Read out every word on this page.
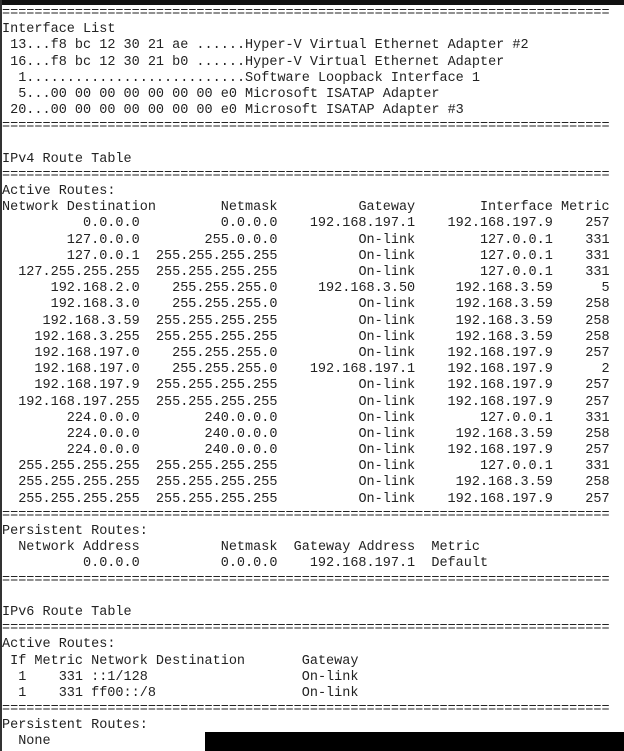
===========================================================================
Interface List
13...f8 bc 12 30 21 ae ......Hyper-V Virtual Ethernet Adapter #2
16...f8 bc 12 30 21 b0 ......Hyper-V Virtual Ethernet Adapter
1...........................Software Loopback Interface 1
5...00 00 00 00 00 00 00 e0 Microsoft ISATAP Adapter
20...00 00 00 00 00 00 00 e0 Microsoft ISATAP Adapter #3
===========================================================================

IPv4 Route Table
===========================================================================
Active Routes:
Network Destination	Netmask	Gateway	Interface Metric
0.0.0.0	0.0.0.0 192.168.197.1 192.168.197.9 257
127.0.0.0	255.0.0.0	On-link	127.0.0.1 331
127.0.0.1 255.255.255.255	On-link	127.0.0.1 331
127.255.255.255 255.255.255.255	On-link	127.0.0.1 331
192.168.2.0 255.255.255.0	192.168.3.50	192.168.3.59	5
192.168.3.0 255.255.255.0	On-link	192.168.3.59 258
192.168.3.59 255.255.255.255	On-link	192.168.3.59 258
192.168.3.255 255.255.255.255	On-link	192.168.3.59 258
192.168.197.0 255.255.255.0	On-link 192.168.197.9 257
192.168.197.0 255.255.255.0 192.168.197.1 192.168.197.9	2
192.168.197.9 255.255.255.255	On-link 192.168.197.9 257
192.168.197.255 255.255.255.255	On-link 192.168.197.9 257
224.0.0.0	240.0.0.0	On-link	127.0.0.1 331
224.0.0.0	240.0.0.0	On-link	192.168.3.59 258
224.0.0.0	240.0.0.0	On-link 192.168.197.9 257
255.255.255.255 255.255.255.255	On-link	127.0.0.1 331
255.255.255.255 255.255.255.255	On-link	192.168.3.59 258
255.255.255.255 255.255.255.255	On-link 192.168.197.9 257
===========================================================================
Persistent Routes:
Network Address	Netmask Gateway Address Metric
0.0.0.0	0.0.0.0 192.168.197.1 Default
===========================================================================

IPv6 Route Table
===========================================================================
Active Routes:
If Metric Network Destination	Gateway
1 331 ::1/128	On-link
1 331 ff00::/8	On-link
===========================================================================
Persistent Routes:
None
